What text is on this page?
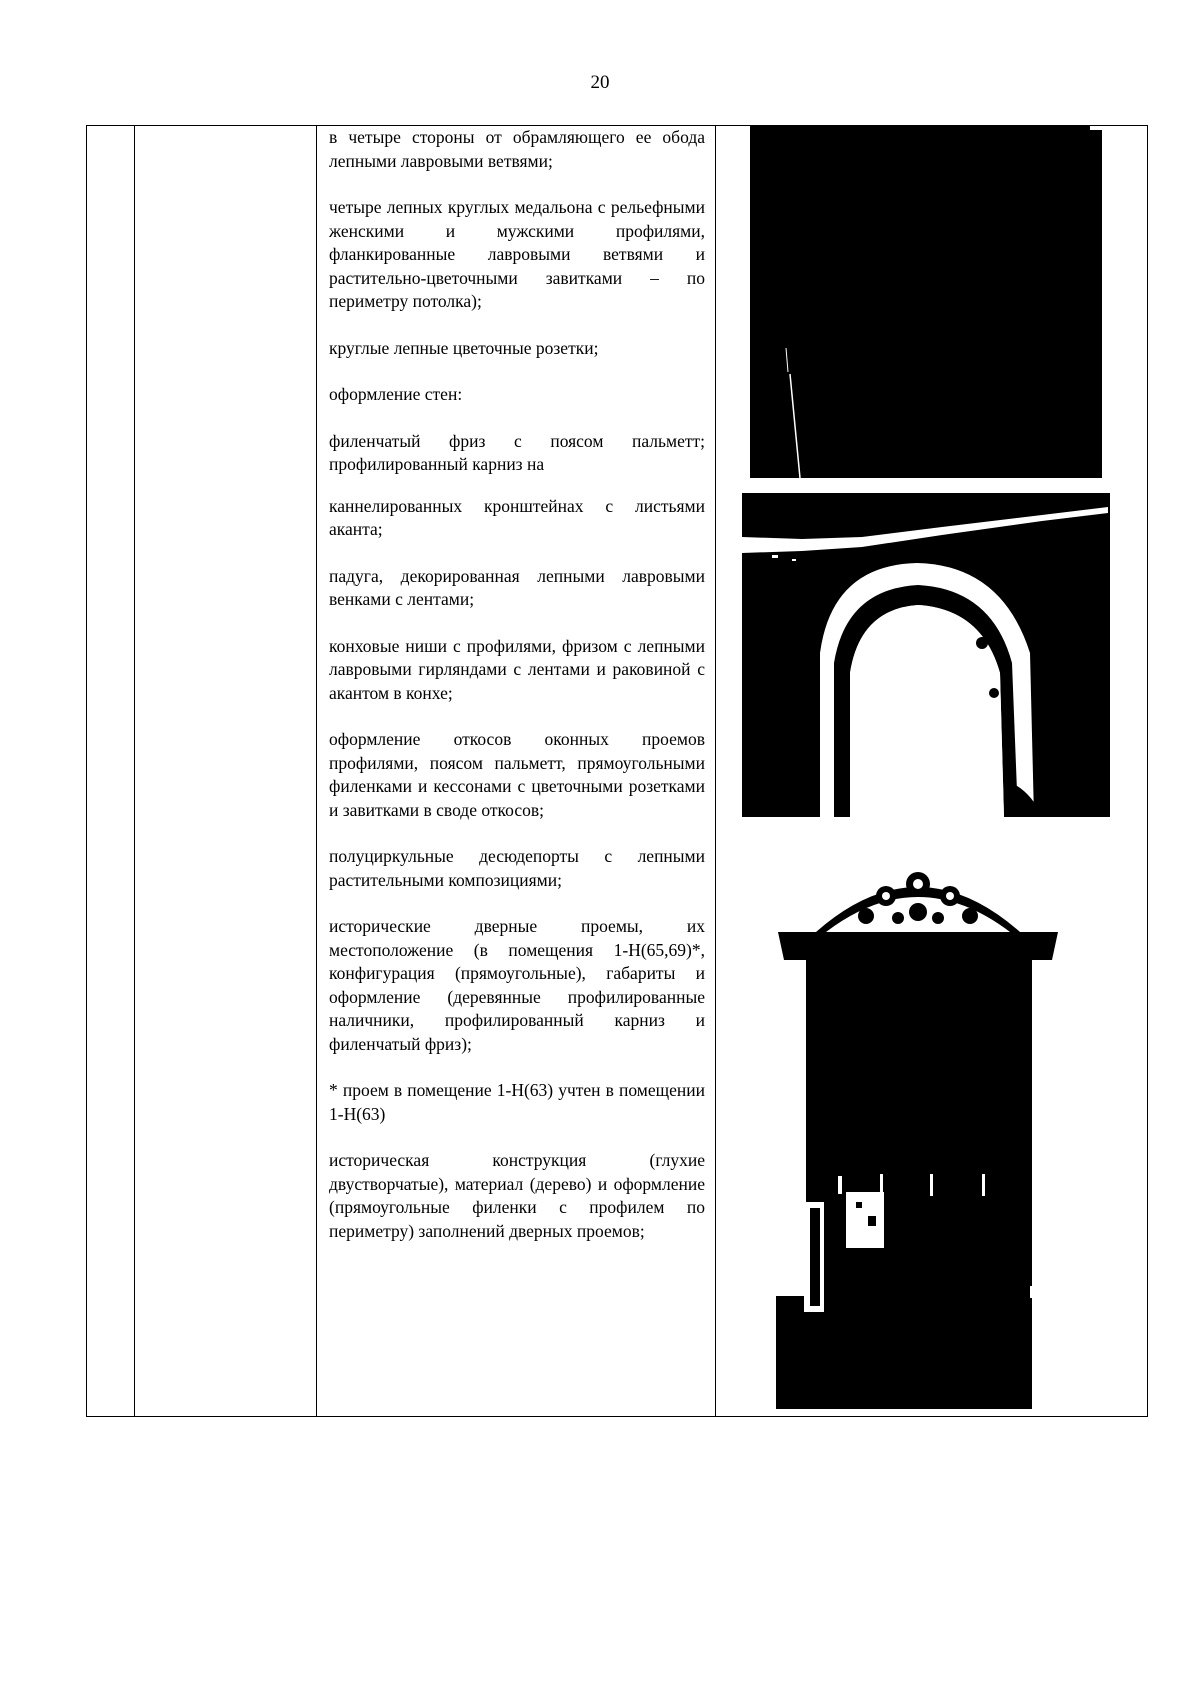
20

в четыре стороны от обрамляющего ее обода лепными лавровыми ветвями;

четыре лепных круглых медальона с рельефными женскими и мужскими профилями, фланкированные лавровыми ветвями и растительно-цветочными завитками – по периметру потолка);

круглые лепные цветочные розетки;

оформление стен:

филенчатый фриз с поясом пальметт; профилированный карниз на

каннелированных кронштейнах с листьями аканта;

падуга, декорированная лепными лавровыми венками с лентами;

конховые ниши с профилями, фризом с лепными лавровыми гирляндами с лентами и раковиной с акантом в конхе;

оформление откосов оконных проемов профилями, поясом пальметт, прямоугольными филенками и кессонами с цветочными розетками и завитками в своде откосов;

полуциркульные десюдепорты с лепными растительными композициями;

исторические дверные проемы, их местоположение (в помещения 1-Н(65,69)*, конфигурация (прямоугольные), габариты и оформление (деревянные профилированные наличники, профилированный карниз и филенчатый фриз);

* проем в помещение 1-Н(63) учтен в помещении 1-Н(63)

историческая конструкция (глухие двустворчатые), материал (дерево) и оформление (прямоугольные филенки с профилем по периметру) заполнений дверных проемов;
